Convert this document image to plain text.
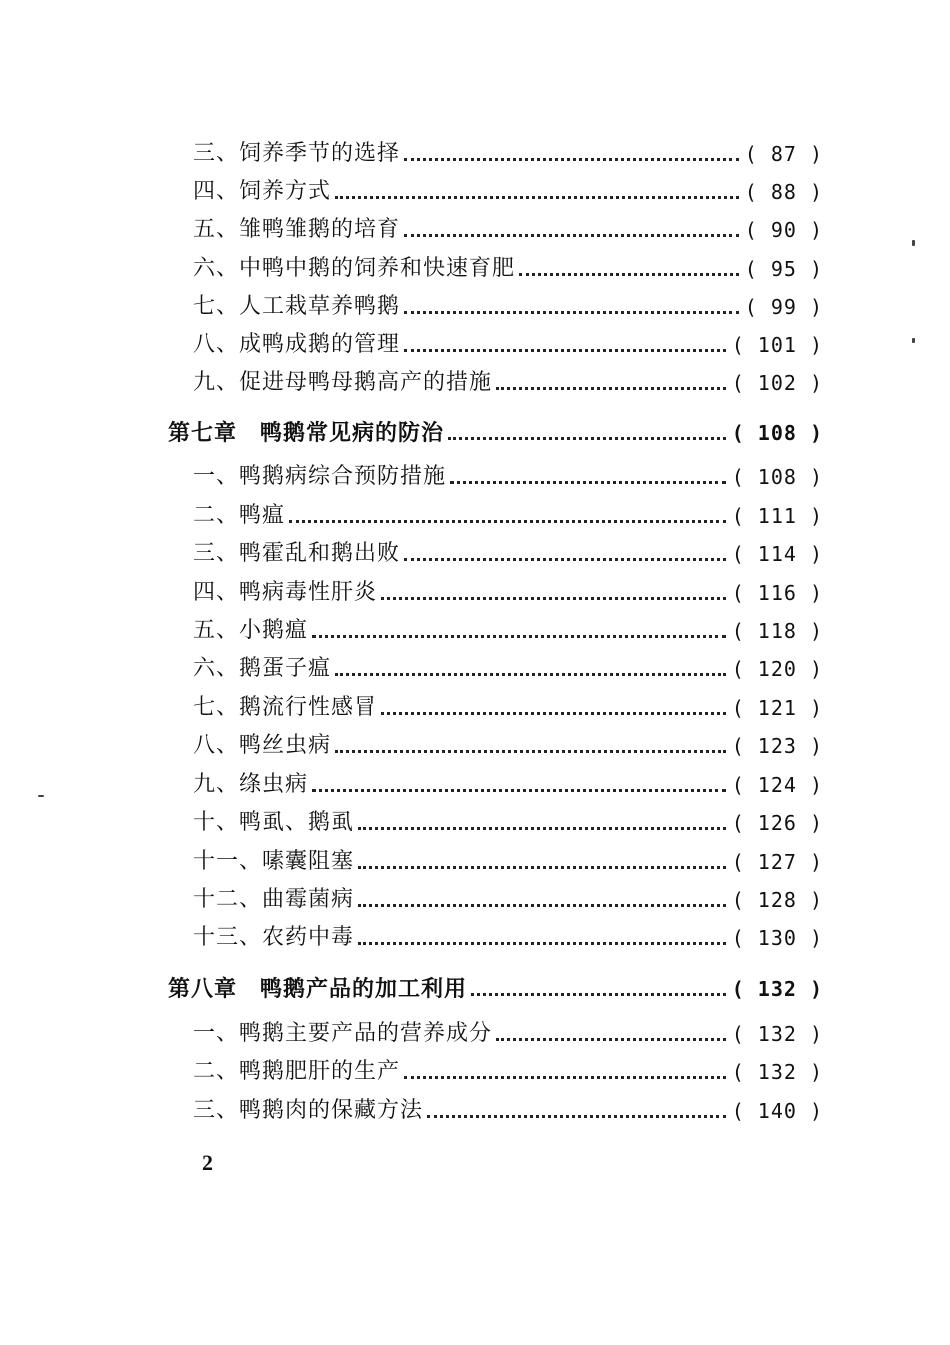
三、饲养季节的选择	( 87 )
四、饲养方式	( 88 )
五、雏鸭雏鹅的培育	( 90 )
六、中鸭中鹅的饲养和快速育肥	( 95 )
七、人工栽草养鸭鹅	( 99 )
八、成鸭成鹅的管理	( 101 )
九、促进母鸭母鹅高产的措施	( 102 )
第七章　鸭鹅常见病的防治	( 108 )
一、鸭鹅病综合预防措施	( 108 )
二、鸭瘟	( 111 )
三、鸭霍乱和鹅出败	( 114 )
四、鸭病毒性肝炎	( 116 )
五、小鹅瘟	( 118 )
六、鹅蛋子瘟	( 120 )
七、鹅流行性感冒	( 121 )
八、鸭丝虫病	( 123 )
九、绦虫病	( 124 )
十、鸭虱、鹅虱	( 126 )
十一、嗉囊阻塞	( 127 )
十二、曲霉菌病	( 128 )
十三、农药中毒	( 130 )
第八章　鸭鹅产品的加工利用	( 132 )
一、鸭鹅主要产品的营养成分	( 132 )
二、鸭鹅肥肝的生产	( 132 )
三、鸭鹅肉的保藏方法	( 140 )
2
